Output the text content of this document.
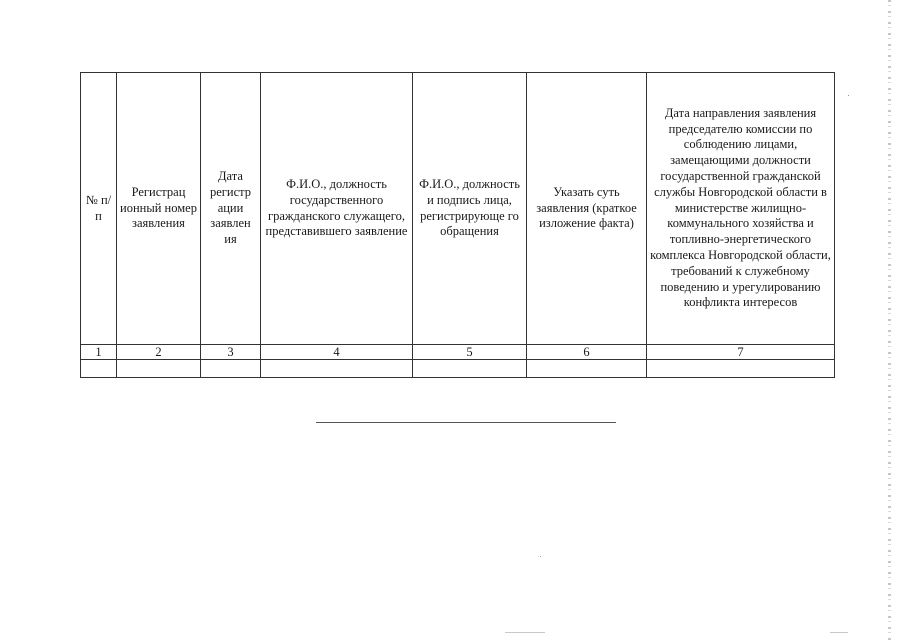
№ п/п	Регистрац ионный номер заявления	Дата регистр ации заявлен ия	Ф.И.О., должность государственного гражданского служащего, представившего заявление	Ф.И.О., должность и подпись лица, регистрирующе го обращения	Указать суть заявления (краткое изложение факта)	Дата направления заявления председателю комиссии по соблюдению лицами, замещающими должности государственной гражданской службы Новгородской области в министерстве жилищно-коммунального хозяйства и топливно-энергетического комплекса Новгородской области, требований к служебному поведению и урегулированию конфликта интересов

1	2	3	4	5	6	7
